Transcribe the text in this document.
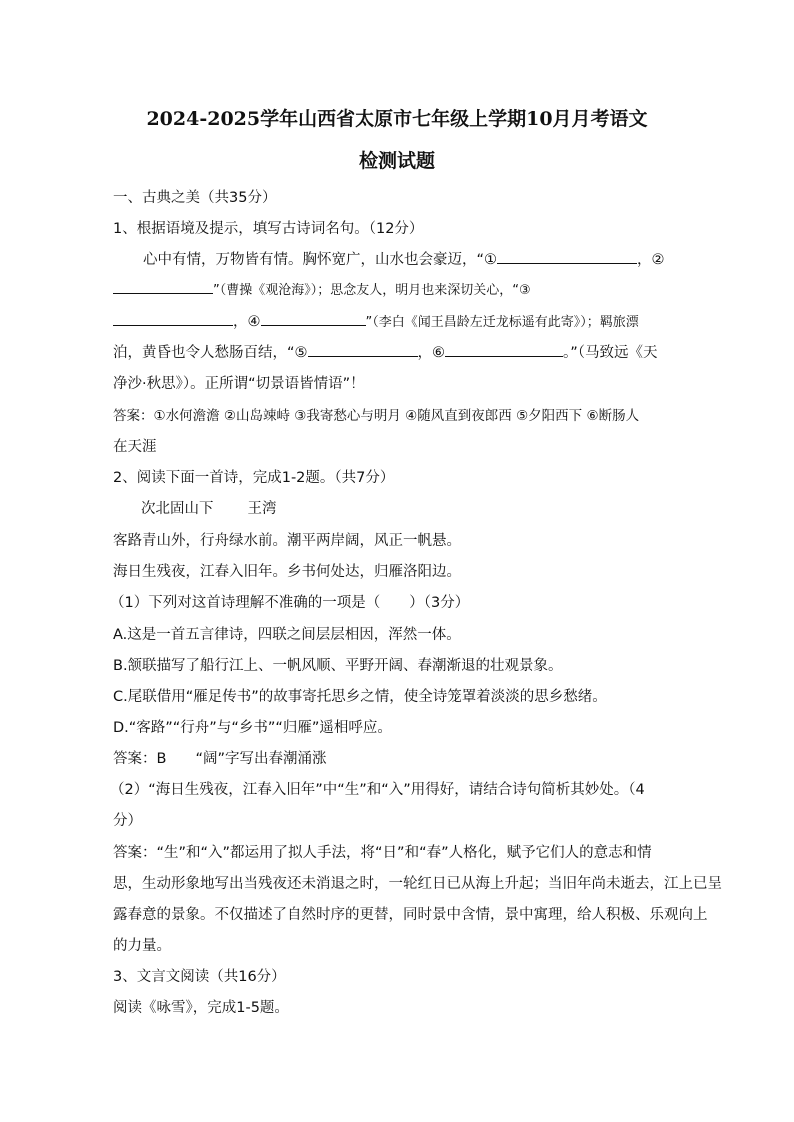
2024-2025学年山西省太原市七年级上学期10月月考语文
检测试题
一、古典之美（共35分）
1、根据语境及提示，填写古诗词名句。（12分）
心中有情，万物皆有情。胸怀宽广，山水也会豪迈，“①	，②
”（曹操《观沧海》）；思念友人，明月也来深切关心，“③
，④	”（李白《闻王昌龄左迁龙标遥有此寄》）；羁旅漂
泊，黄昏也令人愁肠百结，“⑤	，⑥	。”（马致远《天
净沙·秋思》）。正所谓“切景语皆情语”！
答案：①水何澹澹 ②山岛竦峙 ③我寄愁心与明月 ④随风直到夜郎西 ⑤夕阳西下 ⑥断肠人
在天涯
2、阅读下面一首诗，完成1-2题。（共7分）
次北固山下 王湾
客路青山外，行舟绿水前。潮平两岸阔，风正一帆悬。
海日生残夜，江春入旧年。乡书何处达，归雁洛阳边。
（1）下列对这首诗理解不准确的一项是（　　）（3分）
A.这是一首五言律诗，四联之间层层相因，浑然一体。
B.颔联描写了船行江上、一帆风顺、平野开阔、春潮渐退的壮观景象。
C.尾联借用“雁足传书”的故事寄托思乡之情，使全诗笼罩着淡淡的思乡愁绪。
D.“客路”“行舟”与“乡书”“归雁”遥相呼应。
答案：B　　“阔”字写出春潮涌涨
（2）“海日生残夜，江春入旧年”中“生”和“入”用得好，请结合诗句简析其妙处。（4
分）
答案：“生”和“入”都运用了拟人手法，将“日”和“春”人格化，赋予它们人的意志和情
思，生动形象地写出当残夜还未消退之时，一轮红日已从海上升起；当旧年尚未逝去，江上已呈
露春意的景象。不仅描述了自然时序的更替，同时景中含情，景中寓理，给人积极、乐观向上
的力量。
3、文言文阅读（共16分）
阅读《咏雪》，完成1-5题。
